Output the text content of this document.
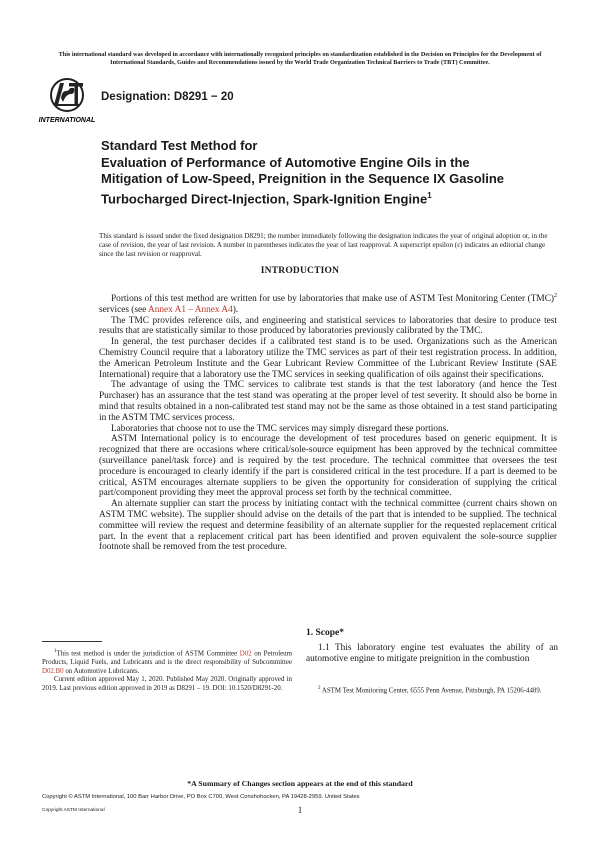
This international standard was developed in accordance with internationally recognized principles on standardization established in the Decision on Principles for the Development of International Standards, Guides and Recommendations issued by the World Trade Organization Technical Barriers to Trade (TBT) Committee.
INTERNATIONAL
Designation: D8291 − 20
Standard Test Method for
Evaluation of Performance of Automotive Engine Oils in the Mitigation of Low-Speed, Preignition in the Sequence IX Gasoline Turbocharged Direct-Injection, Spark-Ignition Engine$^1$
This standard is issued under the fixed designation D8291; the number immediately following the designation indicates the year of original adoption or, in the case of revision, the year of last revision. A number in parentheses indicates the year of last reapproval. A superscript epsilon (ε) indicates an editorial change since the last revision or reapproval.
INTRODUCTION

Portions of this test method are written for use by laboratories that make use of ASTM Test Monitoring Center (TMC)$^2$ services (see Annex A1 – Annex A4).

The TMC provides reference oils, and engineering and statistical services to laboratories that desire to produce test results that are statistically similar to those produced by laboratories previously calibrated by the TMC.

In general, the test purchaser decides if a calibrated test stand is to be used. Organizations such as the American Chemistry Council require that a laboratory utilize the TMC services as part of their test registration process. In addition, the American Petroleum Institute and the Gear Lubricant Review Committee of the Lubricant Review Institute (SAE International) require that a laboratory use the TMC services in seeking qualification of oils against their specifications.

The advantage of using the TMC services to calibrate test stands is that the test laboratory (and hence the Test Purchaser) has an assurance that the test stand was operating at the proper level of test severity. It should also be borne in mind that results obtained in a non-calibrated test stand may not be the same as those obtained in a test stand participating in the ASTM TMC services process.

Laboratories that choose not to use the TMC services may simply disregard these portions.

ASTM International policy is to encourage the development of test procedures based on generic equipment. It is recognized that there are occasions where critical/sole-source equipment has been approved by the technical committee (surveillance panel/task force) and is required by the test procedure. The technical committee that oversees the test procedure is encouraged to clearly identify if the part is considered critical in the test procedure. If a part is deemed to be critical, ASTM encourages alternate suppliers to be given the opportunity for consideration of supplying the critical part/component providing they meet the approval process set forth by the technical committee.

An alternate supplier can start the process by initiating contact with the technical committee (current chairs shown on ASTM TMC website). The supplier should advise on the details of the part that is intended to be supplied. The technical committee will review the request and determine feasibility of an alternate supplier for the requested replacement critical part. In the event that a replacement critical part has been identified and proven equivalent the sole-source supplier footnote shall be removed from the test procedure.

$^1$This test method is under the jurisdiction of ASTM Committee D02 on Petroleum Products, Liquid Fuels, and Lubricants and is the direct responsibility of Subcommittee D02.B0 on Automotive Lubricants.

Current edition approved May 1, 2020. Published May 2020. Originally approved in 2019. Last previous edition approved in 2019 as D8291 – 19. DOI: 10.1520/D8291-20.

1. Scope*

1.1 This laboratory engine test evaluates the ability of an automotive engine to mitigate preignition in the combustion

$^2$ ASTM Test Monitoring Center, 6555 Penn Avenue, Pittsburgh, PA 15206-4489.

*A Summary of Changes section appears at the end of this standard
Copyright © ASTM International, 100 Barr Harbor Drive, PO Box C700, West Conshohocken, PA 19428-2959. United States
Copyright ASTM International	1
